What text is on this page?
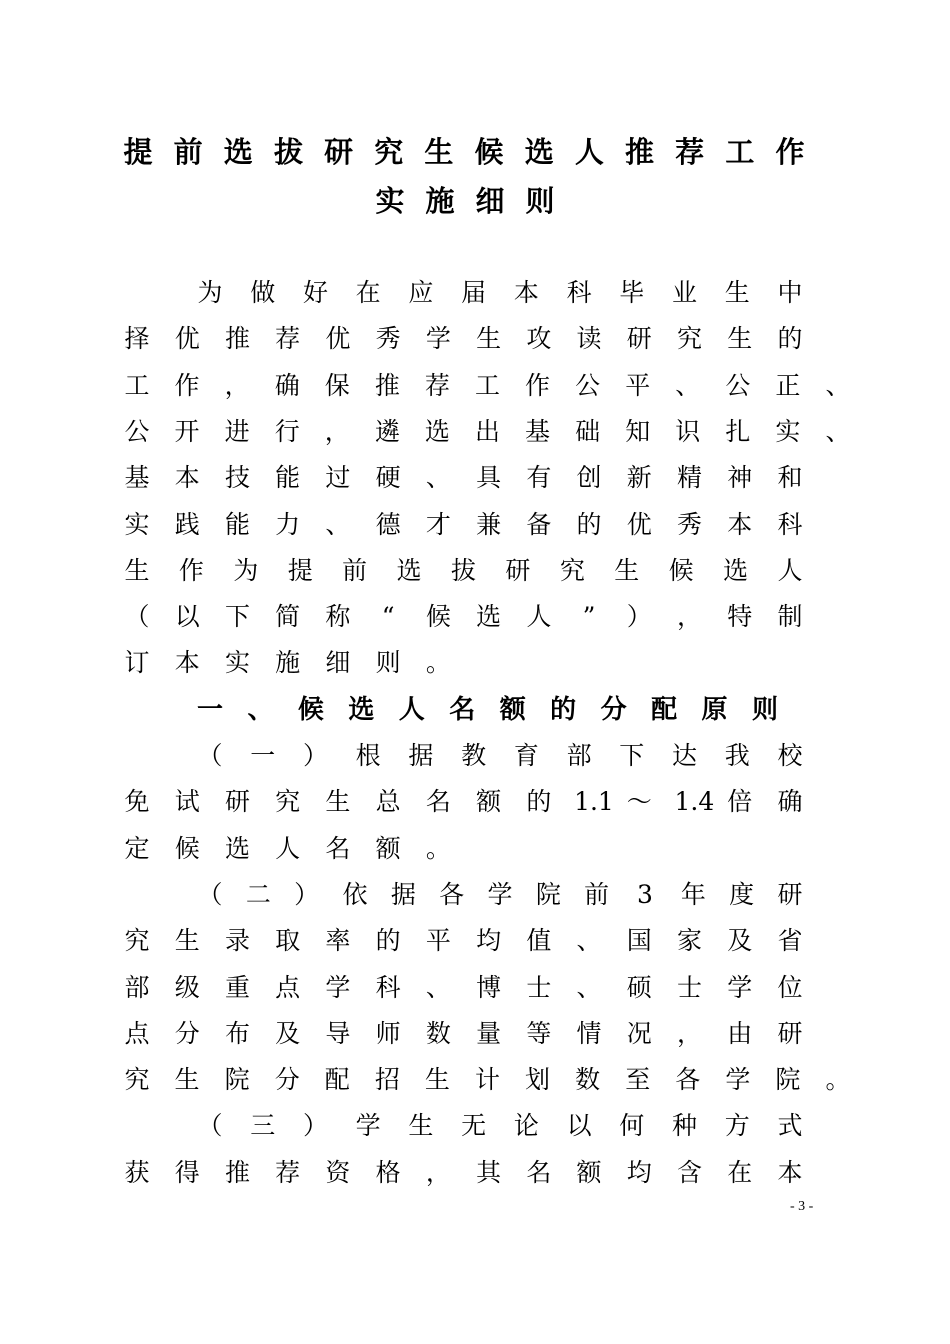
提 前 选 拔 研 究 生 候 选 人 推 荐 工 作
实 施 细 则
为 做 好 在 应 届 本 科 毕 业 生 中
择 优 推 荐 优 秀 学 生 攻 读 研 究 生 的
工 作 ， 确 保 推 荐 工 作 公 平 、 公 正 、
公 开 进 行 ， 遴 选 出 基 础 知 识 扎 实 、
基 本 技 能 过 硬 、 具 有 创 新 精 神 和
实 践 能 力 、 德 才 兼 备 的 优 秀 本 科
生 作 为 提 前 选 拔 研 究 生 候 选 人
（ 以 下 简 称	“	候 选 人	”	） ， 特 制
订 本 实 施 细 则 。
一 、 候 选 人 名 额 的 分 配 原 则
（ 一 ） 根 据 教 育 部 下 达 我 校
免 试 研 究 生 总 名 额 的 1.1 ～ 1.4 倍 确
定 候 选 人 名 额 。
（ 二 ） 依 据 各 学 院 前 3 年 度 研
究 生 录 取 率 的 平 均 值 、 国 家 及 省
部 级 重 点 学 科 、 博 士 、 硕 士 学 位
点 分 布 及 导 师 数 量 等 情 况 ， 由 研
究 生 院 分 配 招 生 计 划 数 至 各 学 院 。
（ 三 ） 学 生 无 论 以 何 种 方 式
获 得 推 荐 资 格 ， 其 名 额 均 含 在 本
- 3 -
